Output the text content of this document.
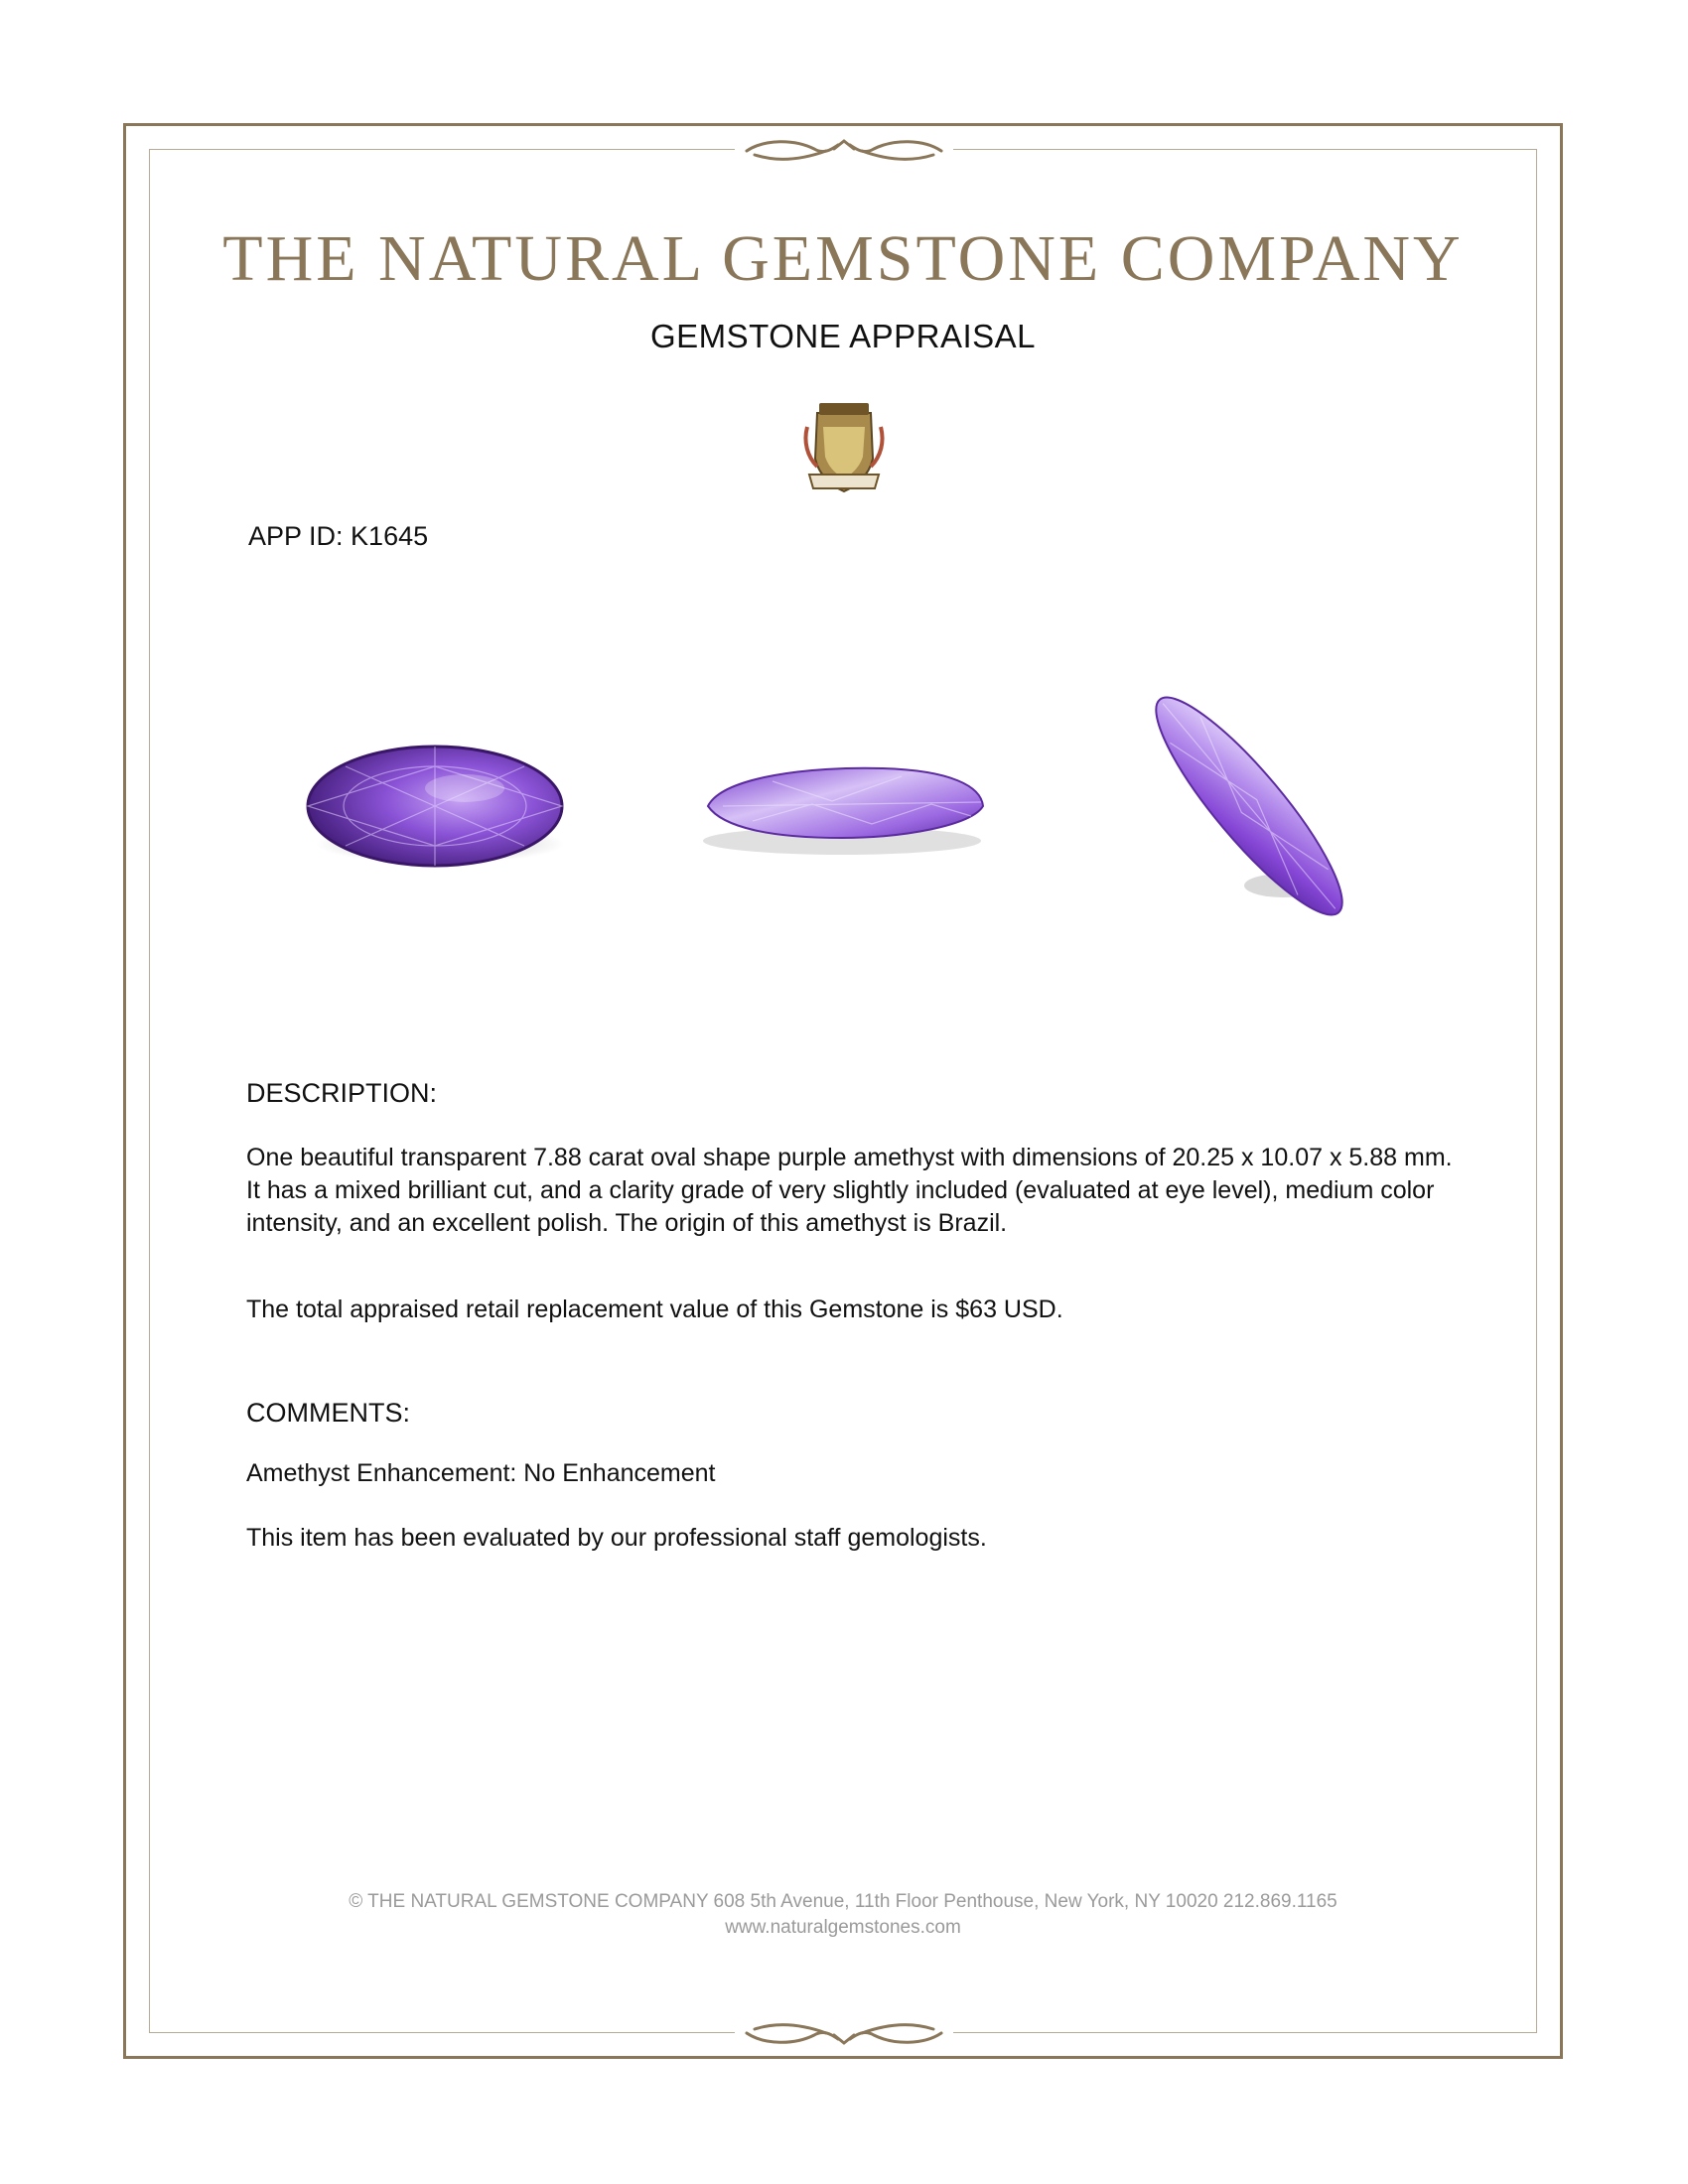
THE NATURAL GEMSTONE COMPANY
GEMSTONE APPRAISAL
APP ID: K1645
DESCRIPTION:
One beautiful transparent 7.88 carat oval shape purple amethyst with dimensions of 20.25 x 10.07 x 5.88 mm. It has a mixed brilliant cut, and a clarity grade of very slightly included (evaluated at eye level), medium color intensity, and an excellent polish. The origin of this amethyst is Brazil.
The total appraised retail replacement value of this Gemstone is $63 USD.
COMMENTS:
Amethyst Enhancement: No Enhancement
This item has been evaluated by our professional staff gemologists.
© THE NATURAL GEMSTONE COMPANY 608 5th Avenue, 11th Floor Penthouse, New York, NY 10020 212.869.1165
www.naturalgemstones.com
